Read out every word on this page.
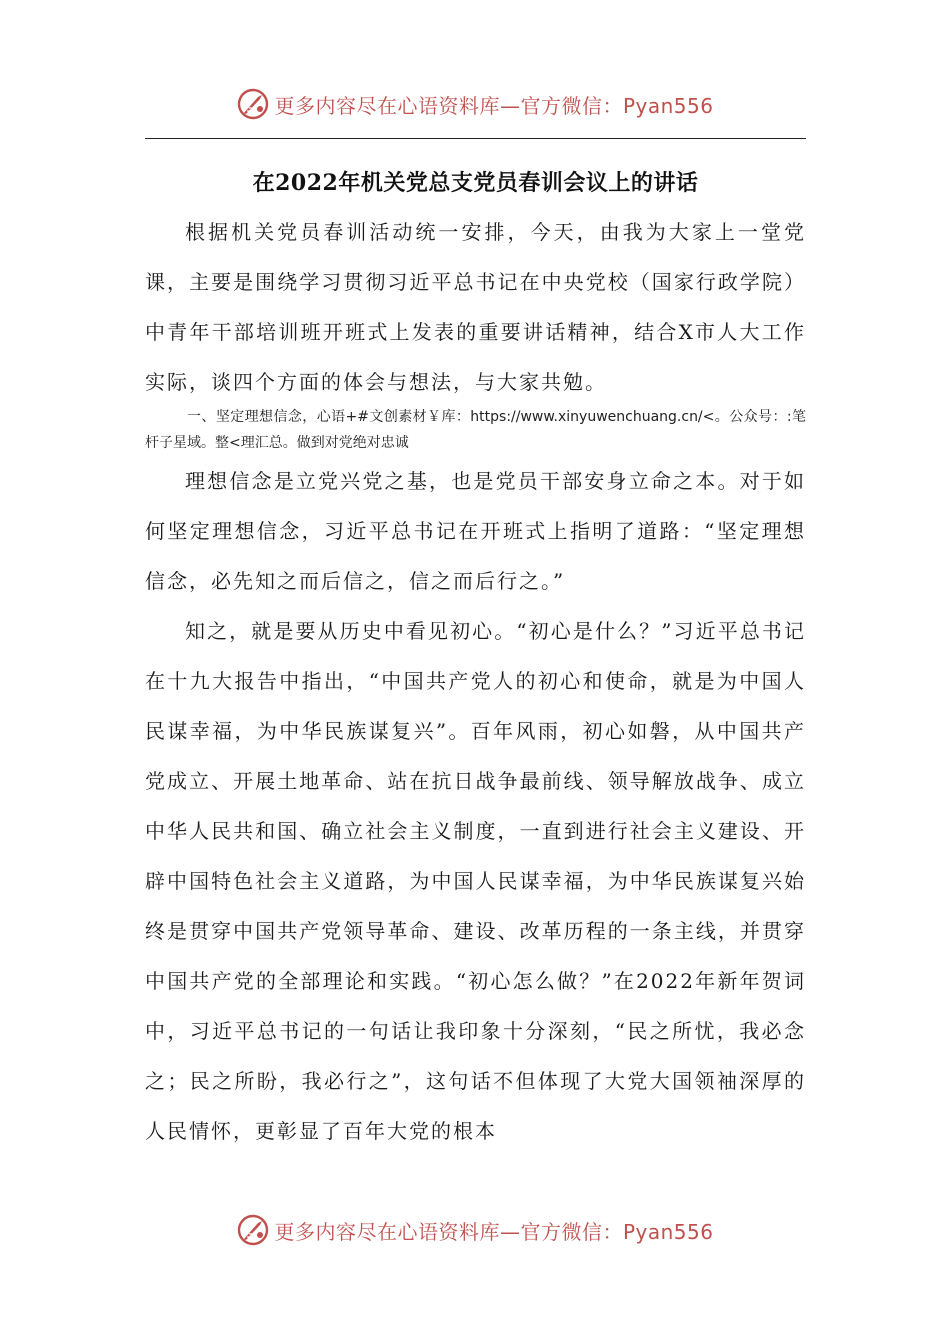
更多内容尽在心语资料库—官方微信：Pyan556
在2022年机关党总支党员春训会议上的讲话

根据机关党员春训活动统一安排，今天，由我为大家上一堂党课，主要是围绕学习贯彻习近平总书记在中央党校（国家行政学院）中青年干部培训班开班式上发表的重要讲话精神，结合X市人大工作实际，谈四个方面的体会与想法，与大家共勉。

一、坚定理想信念，心语+#文创素材￥库：https://www.xinyuwenchuang.cn/<。公众号：:笔杆子星域。整<理汇总。做到对党绝对忠诚

理想信念是立党兴党之基，也是党员干部安身立命之本。对于如何坚定理想信念，习近平总书记在开班式上指明了道路：“坚定理想信念，必先知之而后信之，信之而后行之。”

知之，就是要从历史中看见初心。“初心是什么？”习近平总书记在十九大报告中指出，“中国共产党人的初心和使命，就是为中国人民谋幸福，为中华民族谋复兴”。百年风雨，初心如磐，从中国共产党成立、开展土地革命、站在抗日战争最前线、领导解放战争、成立中华人民共和国、确立社会主义制度，一直到进行社会主义建设、开辟中国特色社会主义道路，为中国人民谋幸福，为中华民族谋复兴始终是贯穿中国共产党领导革命、建设、改革历程的一条主线，并贯穿中国共产党的全部理论和实践。“初心怎么做？”在2022年新年贺词中，习近平总书记的一句话让我印象十分深刻，“民之所忧，我必念之；民之所盼，我必行之”，这句话不但体现了大党大国领袖深厚的人民情怀，更彰显了百年大党的根本

更多内容尽在心语资料库—官方微信：Pyan556
